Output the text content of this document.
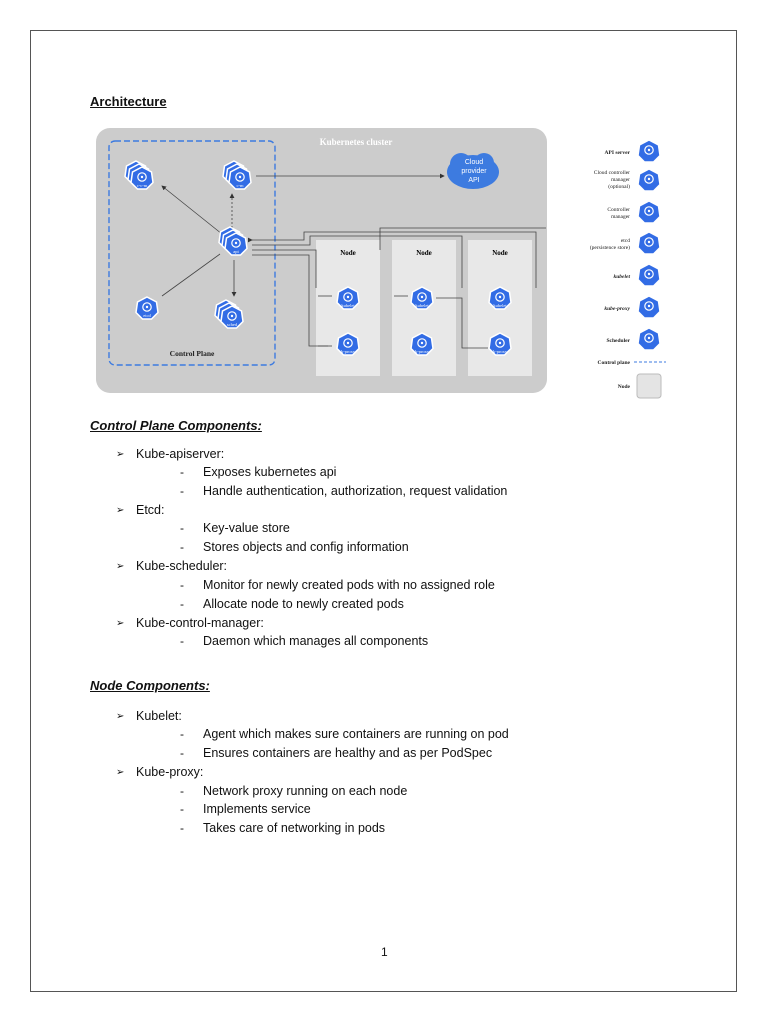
Architecture
Kubernetes cluster
Control Plane
Node	Node	Node
Cloud
provider
API
c-c-m	c-m
api
etcd
sched
kubelet
k-proxy
kubelet
k-proxy
kubelet
k-proxy
API server
Cloud controller
manager
(optional)
Controller
manager
etcd
(persistence store)
kubelet
kube-proxy
Scheduler
Control plane
Node
Control Plane Components:
➢ Kube-apiserver:
- Exposes kubernetes api
- Handle authentication, authorization, request validation
➢ Etcd:
- Key-value store
- Stores objects and config information
➢ Kube-scheduler:
- Monitor for newly created pods with no assigned role
- Allocate node to newly created pods
➢ Kube-control-manager:
- Daemon which manages all components
Node Components:
➢ Kubelet:
- Agent which makes sure containers are running on pod
- Ensures containers are healthy and as per PodSpec
➢ Kube-proxy:
- Network proxy running on each node
- Implements service
- Takes care of networking in pods
1
